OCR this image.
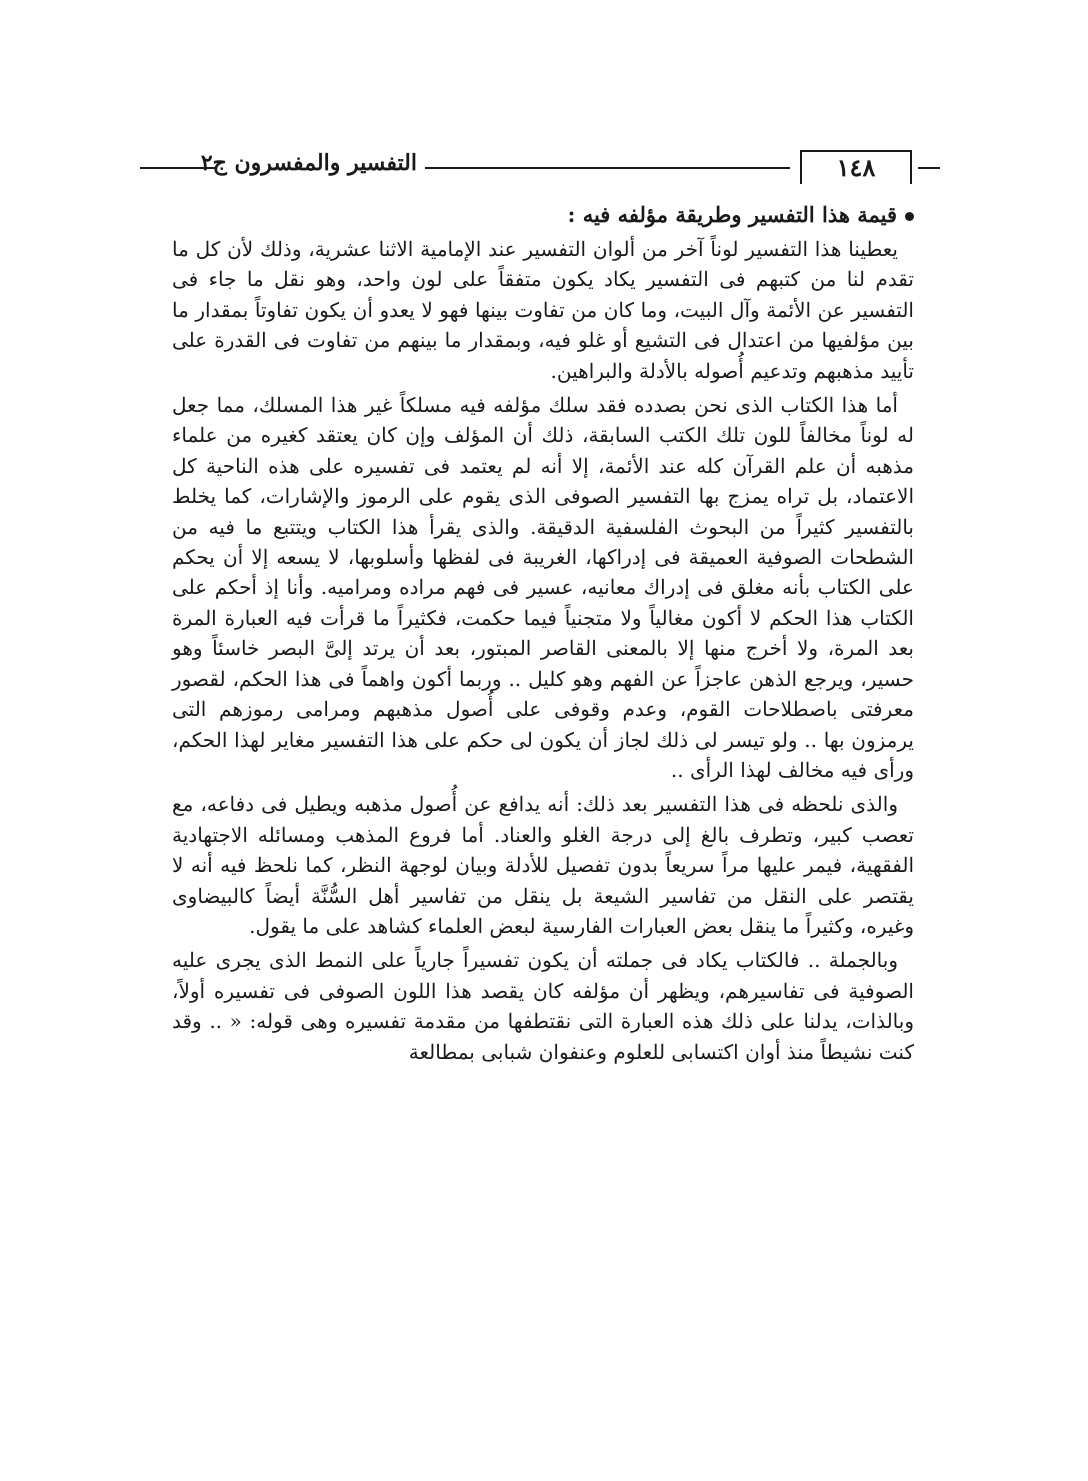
التفسير والمفسرون ج٢	١٤٨
قيمة هذا التفسير وطريقة مؤلفه فيه :

يعطينا هذا التفسير لوناً آخر من ألوان التفسير عند الإمامية الاثنا عشرية، وذلك لأن كل ما تقدم لنا من كتبهم فى التفسير يكاد يكون متفقاً على لون واحد، وهو نقل ما جاء فى التفسير عن الأئمة وآل البيت، وما كان من تفاوت بينها فهو لا يعدو أن يكون تفاوتاً بمقدار ما بين مؤلفيها من اعتدال فى التشيع أو غلو فيه، وبمقدار ما بينهم من تفاوت فى القدرة على تأييد مذهبهم وتدعيم أُصوله بالأدلة والبراهين.

أما هذا الكتاب الذى نحن بصدده فقد سلك مؤلفه فيه مسلكاً غير هذا المسلك، مما جعل له لوناً مخالفاً للون تلك الكتب السابقة، ذلك أن المؤلف وإن كان يعتقد كغيره من علماء مذهبه أن علم القرآن كله عند الأئمة، إلا أنه لم يعتمد فى تفسيره على هذه الناحية كل الاعتماد، بل تراه يمزج بها التفسير الصوفى الذى يقوم على الرموز والإشارات، كما يخلط بالتفسير كثيراً من البحوث الفلسفية الدقيقة. والذى يقرأ هذا الكتاب ويتتبع ما فيه من الشطحات الصوفية العميقة فى إدراكها، الغريبة فى لفظها وأسلوبها، لا يسعه إلا أن يحكم على الكتاب بأنه مغلق فى إدراك معانيه، عسير فى فهم مراده ومراميه. وأنا إذ أحكم على الكتاب هذا الحكم لا أكون مغالياً ولا متجنياً فيما حكمت، فكثيراً ما قرأت فيه العبارة المرة بعد المرة، ولا أخرج منها إلا بالمعنى القاصر المبتور، بعد أن يرتد إلىَّ البصر خاسئاً وهو حسير، ويرجع الذهن عاجزاً عن الفهم وهو كليل .. وربما أكون واهماً فى هذا الحكم، لقصور معرفتى باصطلاحات القوم، وعدم وقوفى على أُصول مذهبهم ومرامى رموزهم التى يرمزون بها .. ولو تيسر لى ذلك لجاز أن يكون لى حكم على هذا التفسير مغاير لهذا الحكم، ورأى فيه مخالف لهذا الرأى ..

والذى نلحظه فى هذا التفسير بعد ذلك: أنه يدافع عن أُصول مذهبه ويطيل فى دفاعه، مع تعصب كبير، وتطرف بالغ إلى درجة الغلو والعناد. أما فروع المذهب ومسائله الاجتهادية الفقهية، فيمر عليها مراً سريعاً بدون تفصيل للأدلة وبيان لوجهة النظر، كما نلحظ فيه أنه لا يقتصر على النقل من تفاسير الشيعة بل ينقل من تفاسير أهل السُّنَّة أيضاً كالبيضاوى وغيره، وكثيراً ما ينقل بعض العبارات الفارسية لبعض العلماء كشاهد على ما يقول.

وبالجملة .. فالكتاب يكاد فى جملته أن يكون تفسيراً جارياً على النمط الذى يجرى عليه الصوفية فى تفاسيرهم، ويظهر أن مؤلفه كان يقصد هذا اللون الصوفى فى تفسيره أولاً، وبالذات، يدلنا على ذلك هذه العبارة التى نقتطفها من مقدمة تفسيره وهى قوله: « .. وقد كنت نشيطاً منذ أوان اكتسابى للعلوم وعنفوان شبابى بمطالعة
